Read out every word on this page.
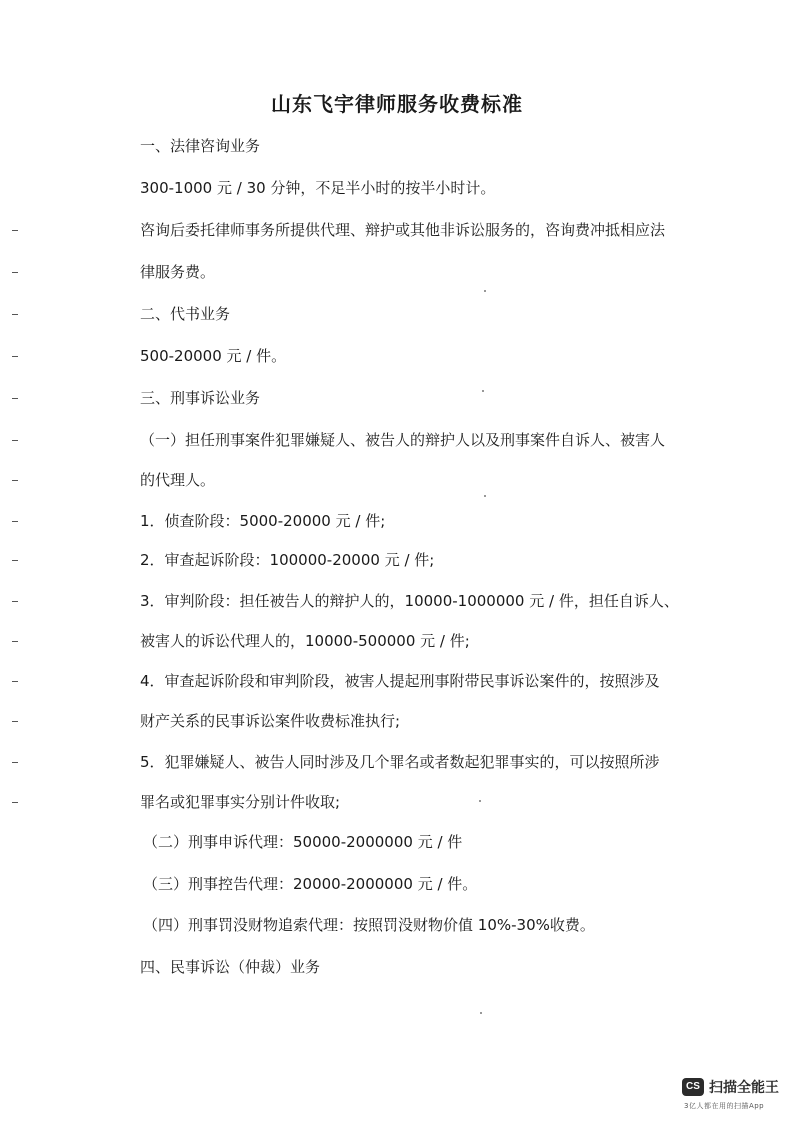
山东飞宇律师服务收费标准
一、法律咨询业务
300-1000 元 / 30 分钟，不足半小时的按半小时计。
咨询后委托律师事务所提供代理、辩护或其他非诉讼服务的，咨询费冲抵相应法
律服务费。
二、代书业务
500-20000 元 / 件。
三、刑事诉讼业务
（一）担任刑事案件犯罪嫌疑人、被告人的辩护人以及刑事案件自诉人、被害人
的代理人。
1．侦查阶段：5000-20000 元 / 件;
2．审查起诉阶段：100000-20000 元 / 件;
3．审判阶段：担任被告人的辩护人的，10000-1000000 元 / 件，担任自诉人、
被害人的诉讼代理人的，10000-500000 元 / 件;
4．审查起诉阶段和审判阶段，被害人提起刑事附带民事诉讼案件的，按照涉及
财产关系的民事诉讼案件收费标准执行;
5．犯罪嫌疑人、被告人同时涉及几个罪名或者数起犯罪事实的，可以按照所涉
罪名或犯罪事实分别计件收取;
（二）刑事申诉代理：50000-2000000 元 / 件
（三）刑事控告代理：20000-2000000 元 / 件。
（四）刑事罚没财物追索代理：按照罚没财物价值 10%-30%收费。
四、民事诉讼（仲裁）业务
CS 扫描全能王
3亿人都在用的扫描App
